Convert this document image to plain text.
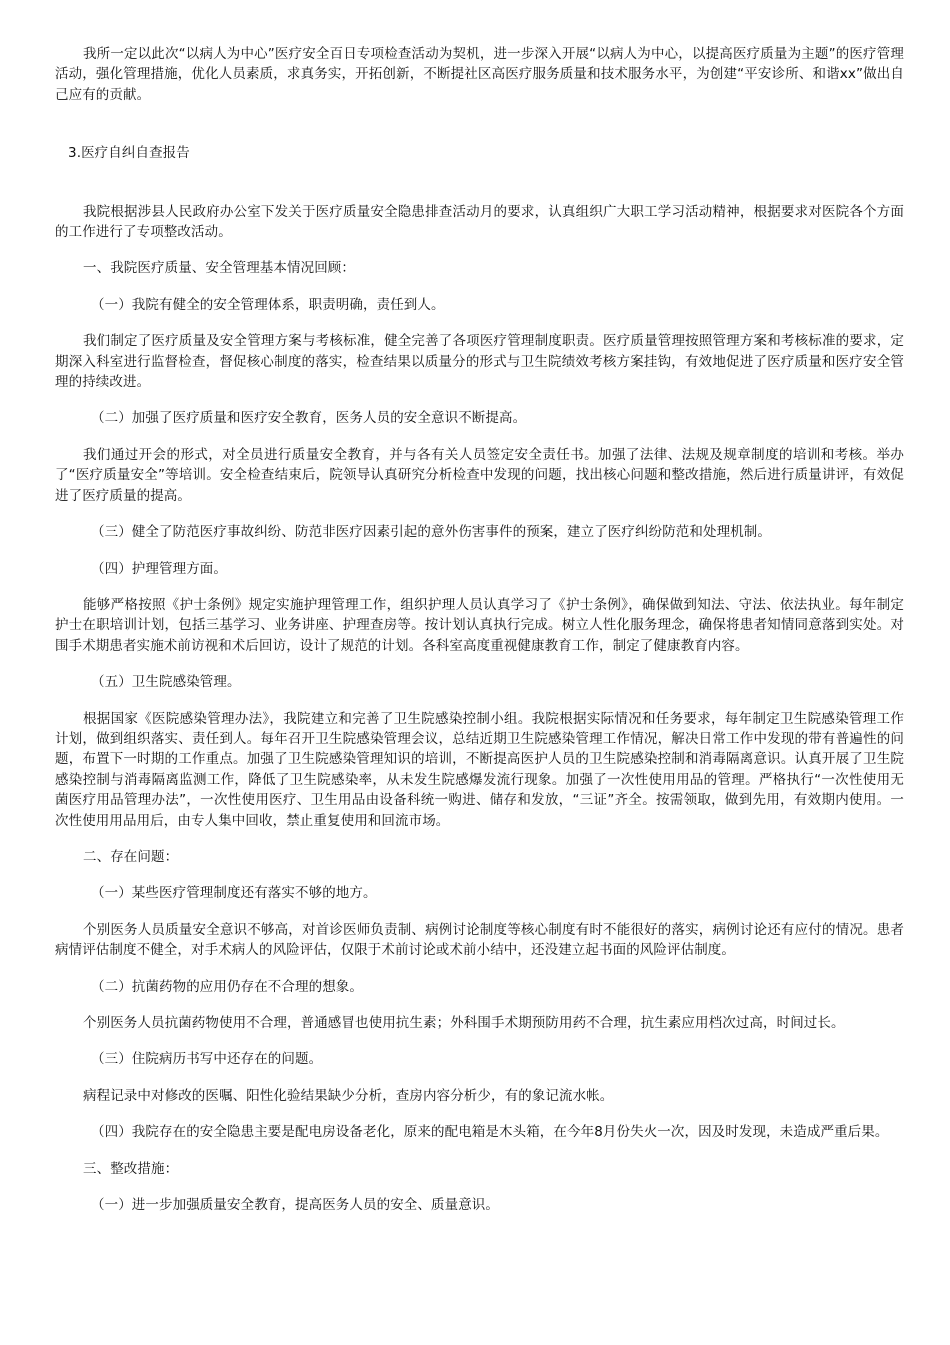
我所一定以此次“以病人为中心”医疗安全百日专项检查活动为契机，进一步深入开展“以病人为中心，以提高医疗质量为主题”的医疗管理活动，强化管理措施，优化人员素质，求真务实，开拓创新，不断提社区高医疗服务质量和技术服务水平，为创建“平安诊所、和谐xx”做出自己应有的贡献。

3.医疗自纠自查报告

我院根据涉县人民政府办公室下发关于医疗质量安全隐患排查活动月的要求，认真组织广大职工学习活动精神，根据要求对医院各个方面的工作进行了专项整改活动。

一、我院医疗质量、安全管理基本情况回顾：

（一）我院有健全的安全管理体系，职责明确，责任到人。

我们制定了医疗质量及安全管理方案与考核标准，健全完善了各项医疗管理制度职责。医疗质量管理按照管理方案和考核标准的要求，定期深入科室进行监督检查，督促核心制度的落实，检查结果以质量分的形式与卫生院绩效考核方案挂钩，有效地促进了医疗质量和医疗安全管理的持续改进。

（二）加强了医疗质量和医疗安全教育，医务人员的安全意识不断提高。

我们通过开会的形式，对全员进行质量安全教育，并与各有关人员签定安全责任书。加强了法律、法规及规章制度的培训和考核。举办了“医疗质量安全”等培训。安全检查结束后，院领导认真研究分析检查中发现的问题，找出核心问题和整改措施，然后进行质量讲评，有效促进了医疗质量的提高。

（三）健全了防范医疗事故纠纷、防范非医疗因素引起的意外伤害事件的预案，建立了医疗纠纷防范和处理机制。

（四）护理管理方面。

能够严格按照《护士条例》规定实施护理管理工作，组织护理人员认真学习了《护士条例》，确保做到知法、守法、依法执业。每年制定护士在职培训计划，包括三基学习、业务讲座、护理查房等。按计划认真执行完成。树立人性化服务理念，确保将患者知情同意落到实处。对围手术期患者实施术前访视和术后回访，设计了规范的计划。各科室高度重视健康教育工作，制定了健康教育内容。

（五）卫生院感染管理。

根据国家《医院感染管理办法》，我院建立和完善了卫生院感染控制小组。我院根据实际情况和任务要求，每年制定卫生院感染管理工作计划，做到组织落实、责任到人。每年召开卫生院感染管理会议，总结近期卫生院感染管理工作情况，解决日常工作中发现的带有普遍性的问题，布置下一时期的工作重点。加强了卫生院感染管理知识的培训，不断提高医护人员的卫生院感染控制和消毒隔离意识。认真开展了卫生院感染控制与消毒隔离监测工作，降低了卫生院感染率，从未发生院感爆发流行现象。加强了一次性使用用品的管理。严格执行“一次性使用无菌医疗用品管理办法”，一次性使用医疗、卫生用品由设备科统一购进、储存和发放，“三证”齐全。按需领取，做到先用，有效期内使用。一次性使用用品用后，由专人集中回收，禁止重复使用和回流市场。

二、存在问题：

（一）某些医疗管理制度还有落实不够的地方。

个别医务人员质量安全意识不够高，对首诊医师负责制、病例讨论制度等核心制度有时不能很好的落实，病例讨论还有应付的情况。患者病情评估制度不健全，对手术病人的风险评估，仅限于术前讨论或术前小结中，还没建立起书面的风险评估制度。

（二）抗菌药物的应用仍存在不合理的想象。

个别医务人员抗菌药物使用不合理，普通感冒也使用抗生素；外科围手术期预防用药不合理，抗生素应用档次过高，时间过长。

（三）住院病历书写中还存在的问题。

病程记录中对修改的医嘱、阳性化验结果缺少分析，查房内容分析少，有的象记流水帐。

（四）我院存在的安全隐患主要是配电房设备老化，原来的配电箱是木头箱，在今年8月份失火一次，因及时发现，未造成严重后果。

三、整改措施：

（一）进一步加强质量安全教育，提高医务人员的安全、质量意识。
